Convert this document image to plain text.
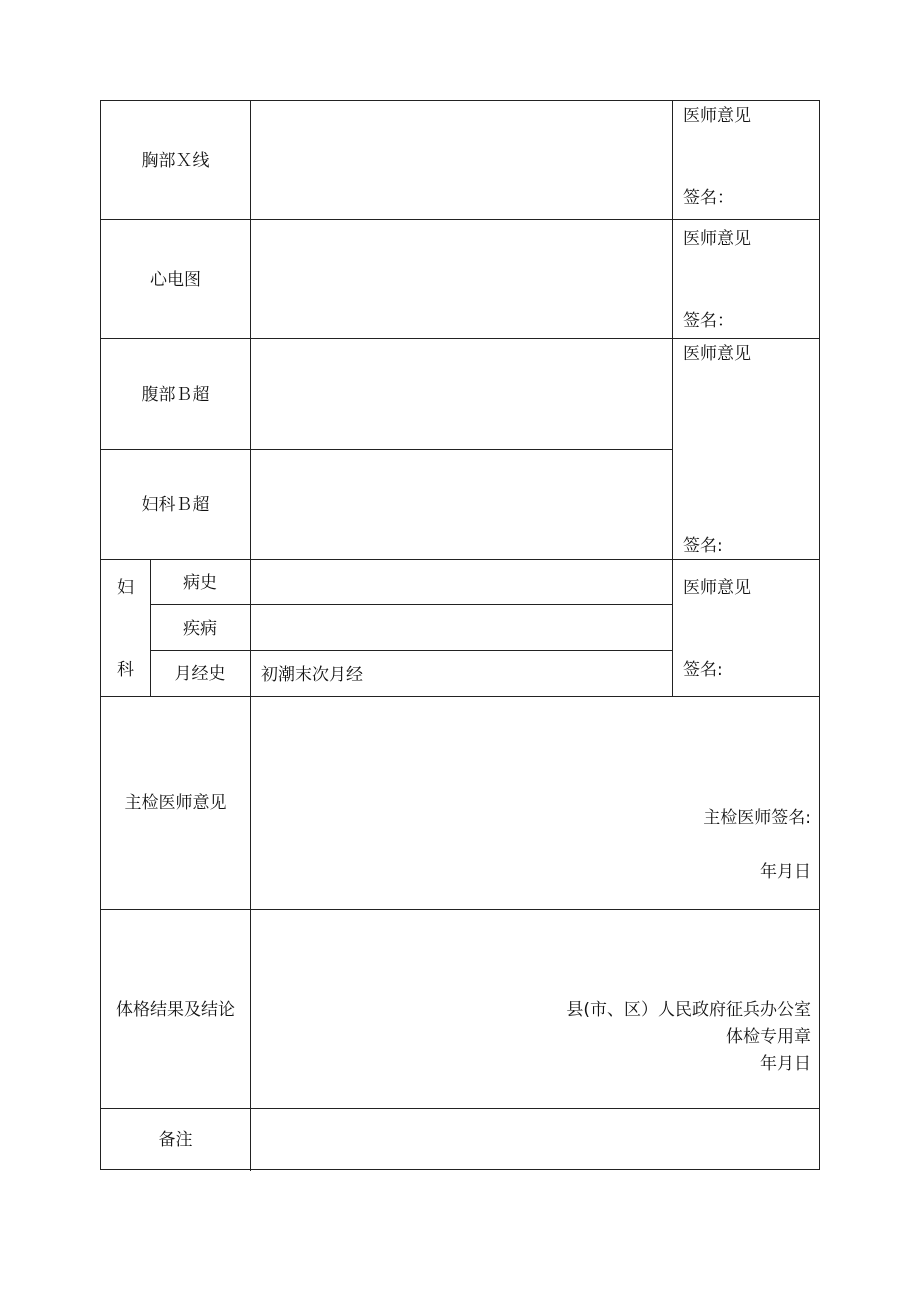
胸部Ｘ线
医师意见
签名：
心电图
医师意见
签名：
腹部Ｂ超
妇科Ｂ超
医师意见
签名:
妇
科
病史
疾病
月经史	初潮末次月经
医师意见
签名:
主检医师意见
主检医师签名:
年月日
体格结果及结论	县(市、区）人民政府征兵办公室
体检专用章
年月日
备注
